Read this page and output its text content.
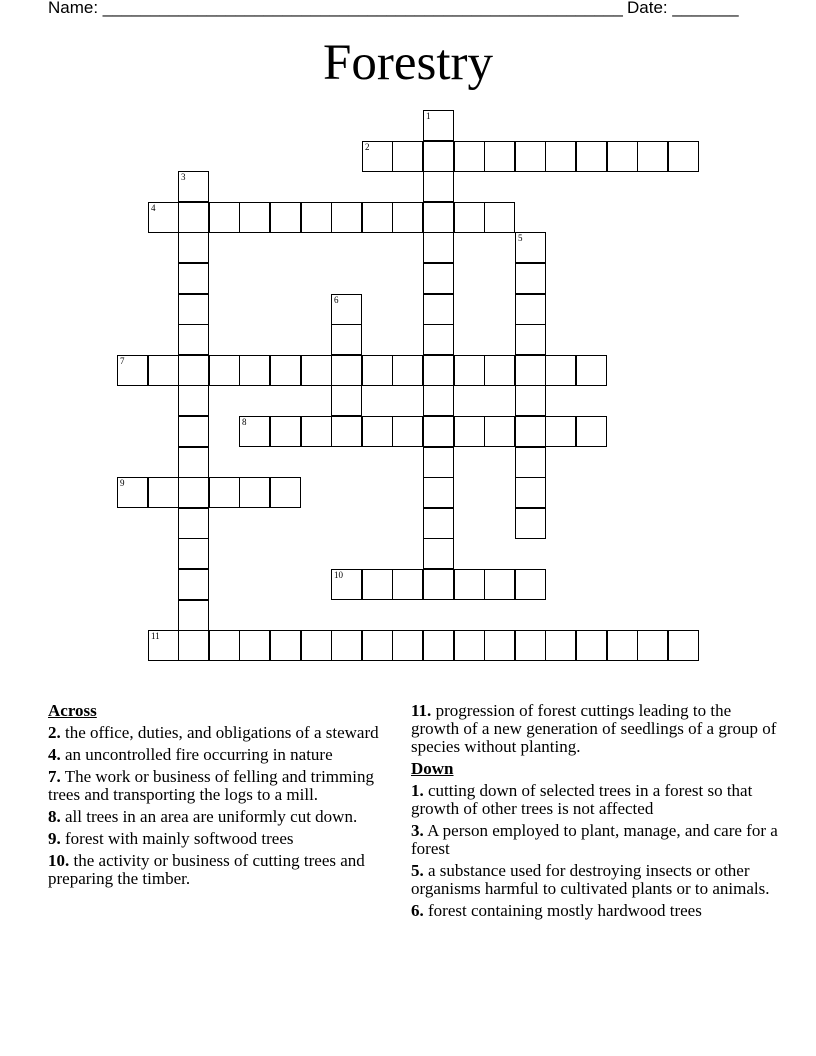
Name: _______________________________________________________ Date: _______
Forestry
1
2
3
4
5
6
7
8
9
10
11
Across
2. the office, duties, and obligations of a steward
4. an uncontrolled fire occurring in nature
7. The work or business of felling and trimming trees and transporting the logs to a mill.
8. all trees in an area are uniformly cut down.
9. forest with mainly softwood trees
10. the activity or business of cutting trees and preparing the timber.
11. progression of forest cuttings leading to the growth of a new generation of seedlings of a group of species without planting.
Down
1. cutting down of selected trees in a forest so that growth of other trees is not affected
3. A person employed to plant, manage, and care for a forest
5. a substance used for destroying insects or other organisms harmful to cultivated plants or to animals.
6. forest containing mostly hardwood trees
